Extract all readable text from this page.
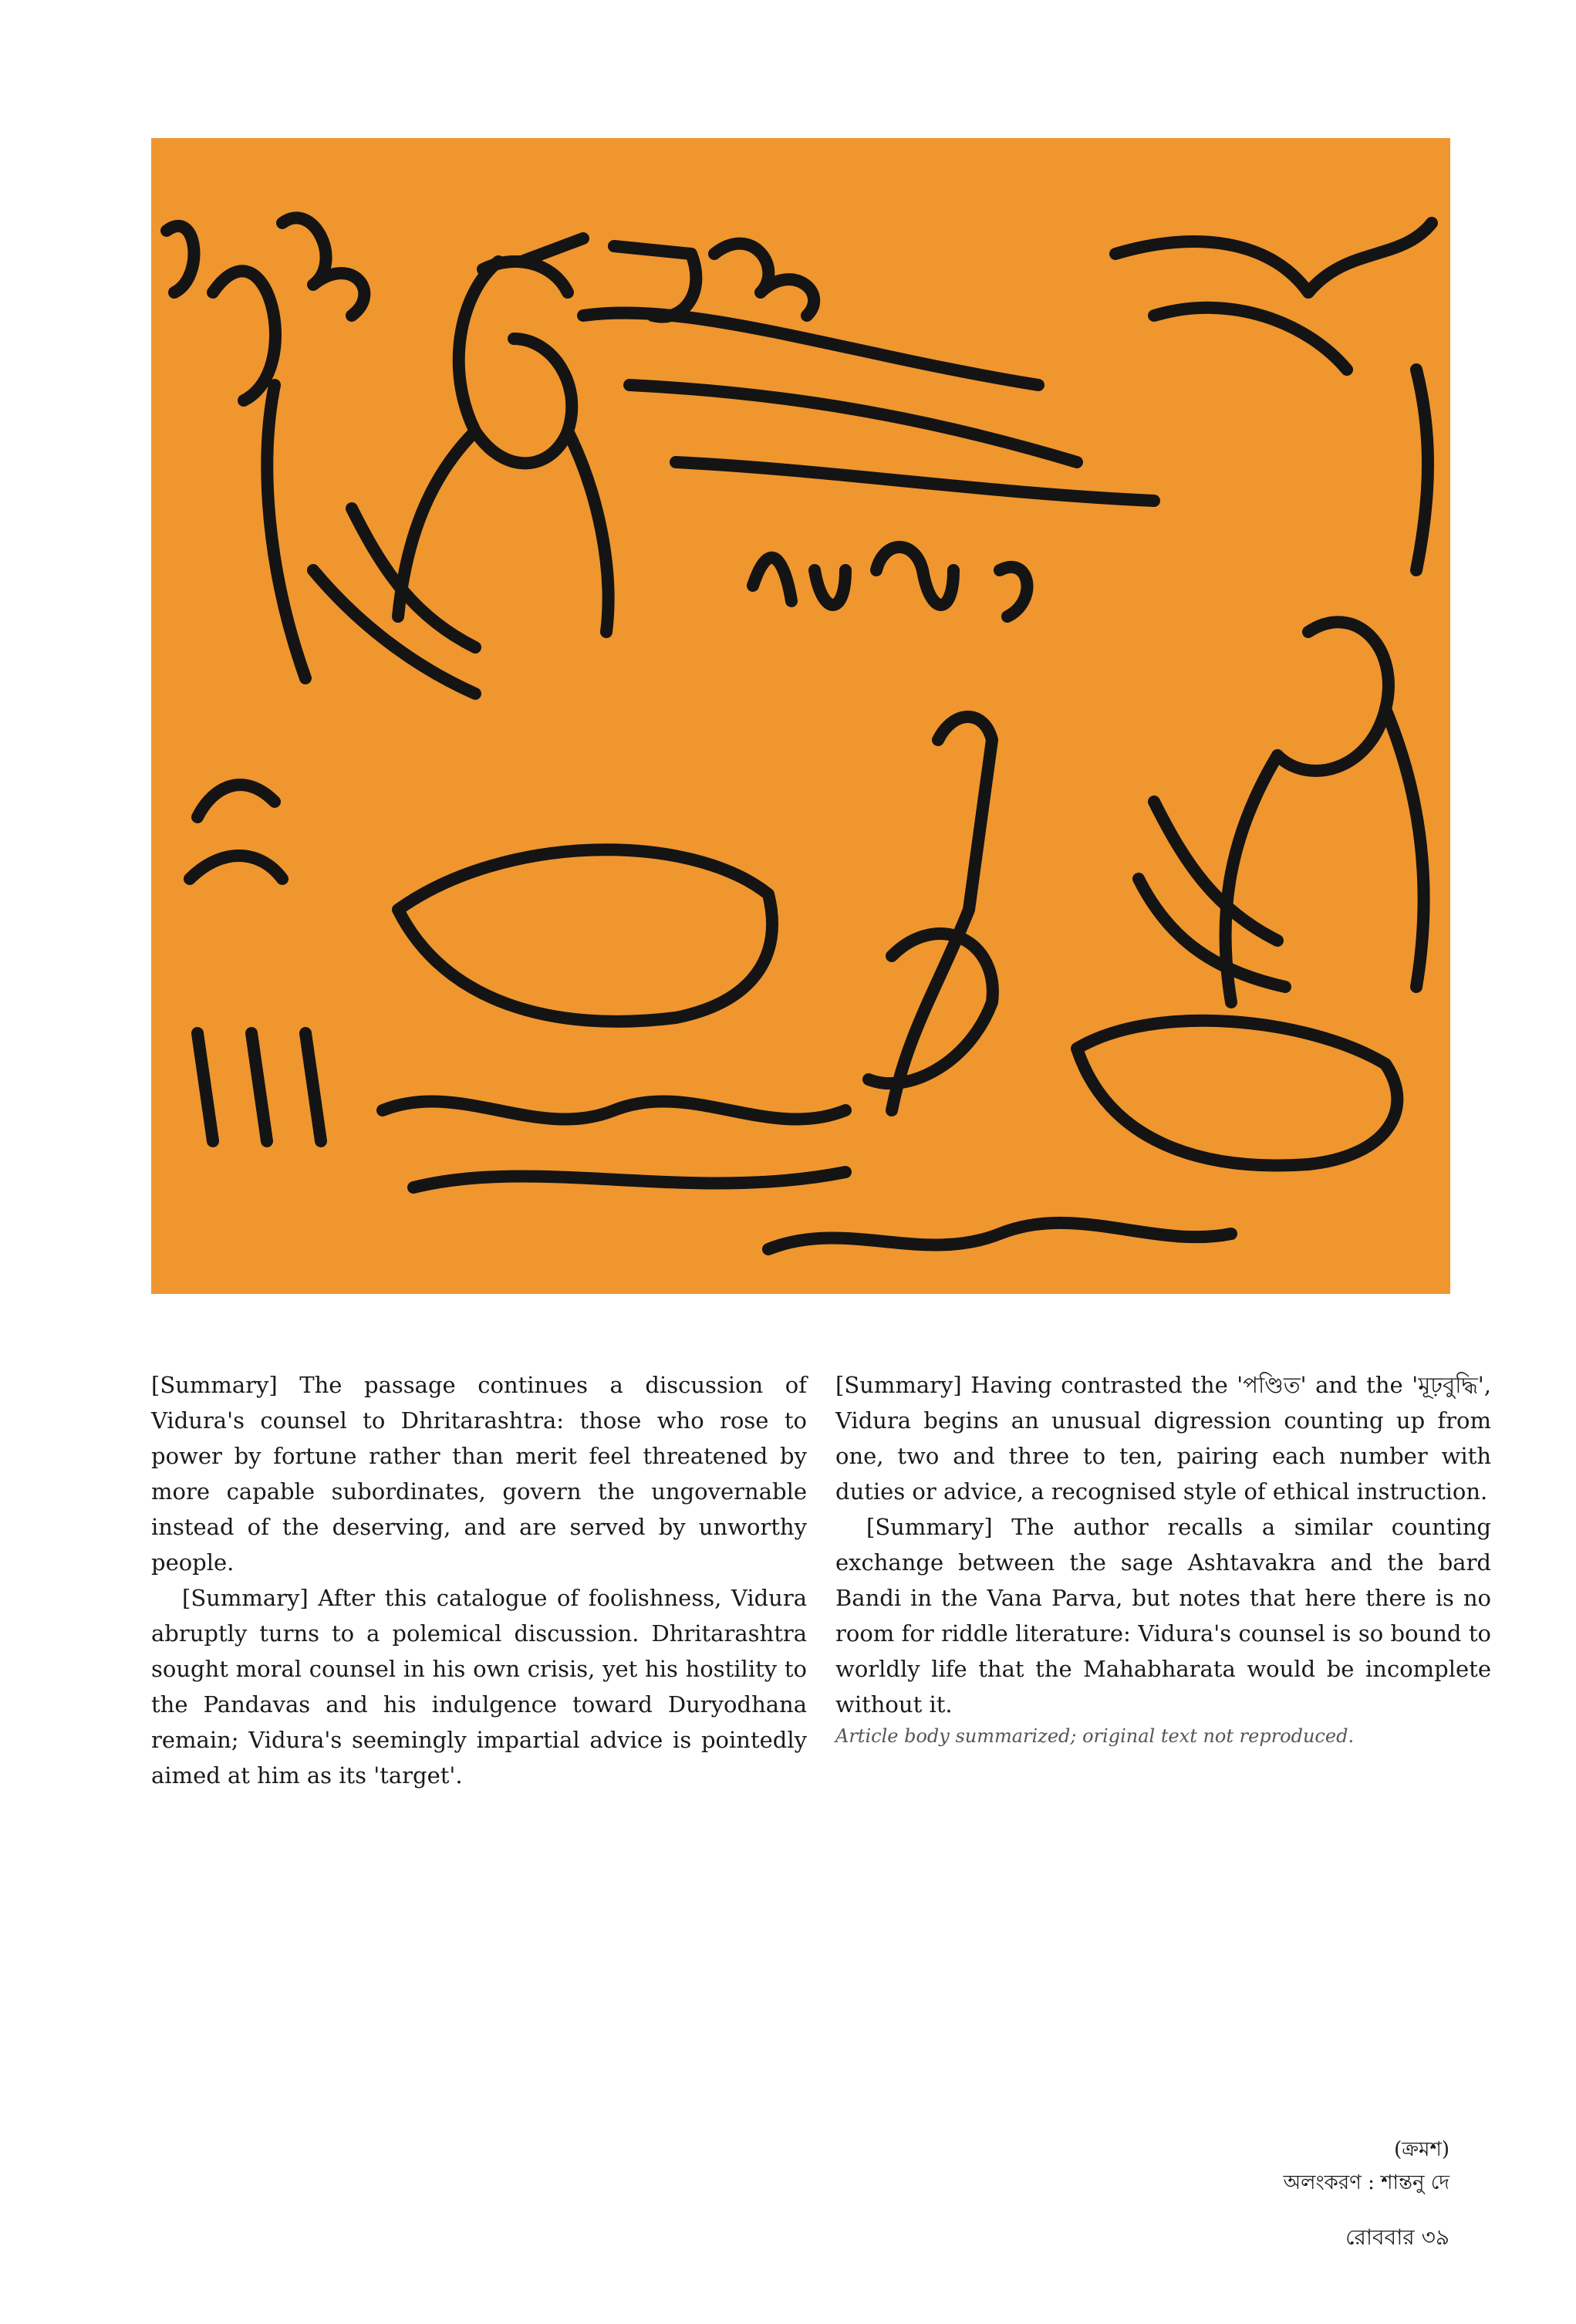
[Summary] The passage continues a discussion of Vidura's counsel to Dhritarashtra: those who rose to power by fortune rather than merit feel threatened by more capable subordinates, govern the ungovernable instead of the deserving, and are served by unworthy people.

[Summary] After this catalogue of foolishness, Vidura abruptly turns to a polemical discussion. Dhritarashtra sought moral counsel in his own crisis, yet his hostility to the Pandavas and his indulgence toward Duryodhana remain; Vidura's seemingly impartial advice is pointedly aimed at him as its 'target'.

[Summary] Having contrasted the 'পণ্ডিত' and the 'মূঢ়বুদ্ধি', Vidura begins an unusual digression counting up from one, two and three to ten, pairing each number with duties or advice, a recognised style of ethical instruction.

[Summary] The author recalls a similar counting exchange between the sage Ashtavakra and the bard Bandi in the Vana Parva, but notes that here there is no room for riddle literature: Vidura's counsel is so bound to worldly life that the Mahabharata would be incomplete without it.

Article body summarized; original text not reproduced.

(ক্রমশ)
অলংকরণ : শান্তনু দে
রোববার ৩৯
